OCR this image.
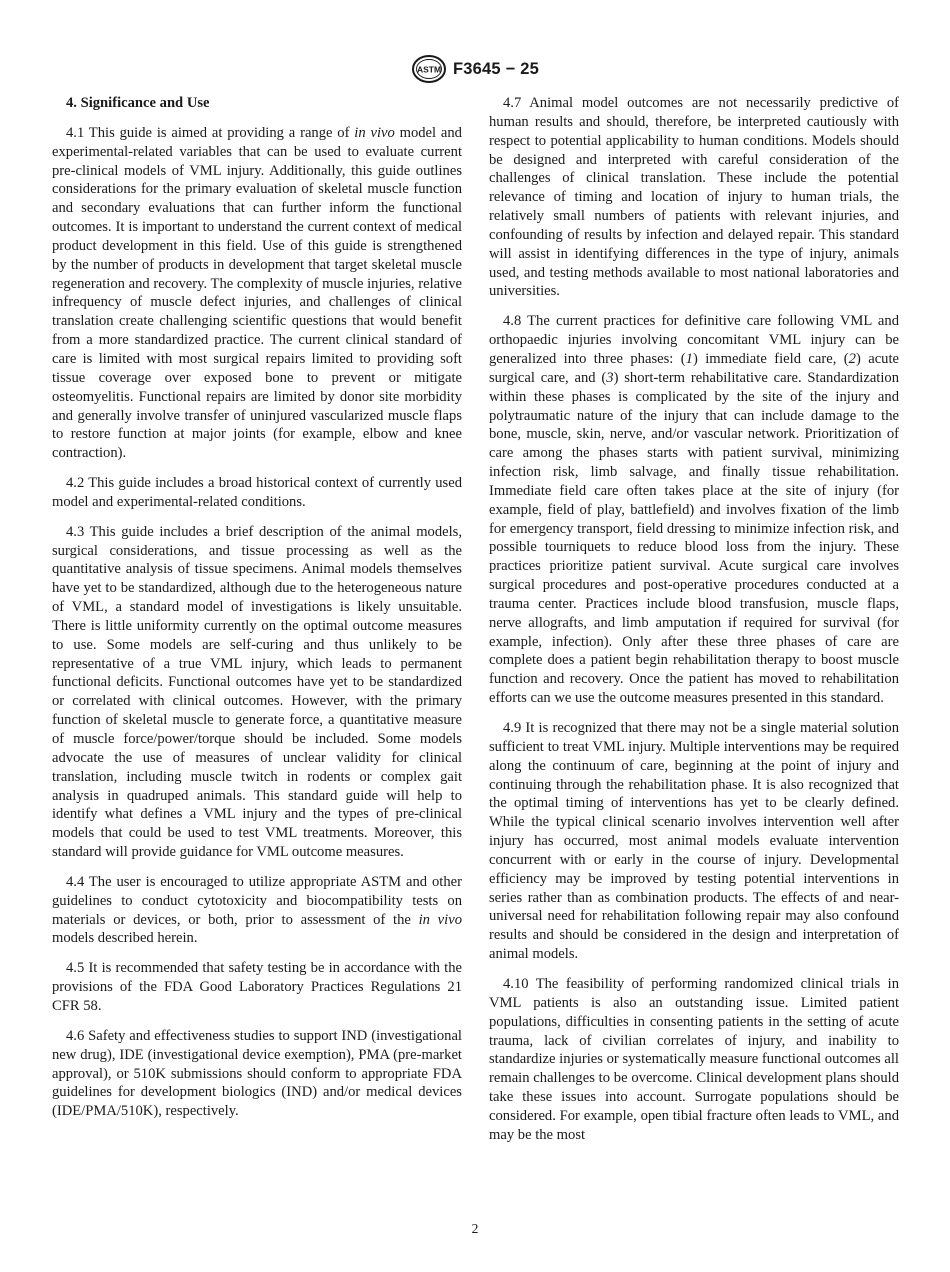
ASTM F3645 − 25

4. Significance and Use

4.1 This guide is aimed at providing a range of in vivo model and experimental-related variables that can be used to evaluate current pre-clinical models of VML injury. Additionally, this guide outlines considerations for the primary evaluation of skeletal muscle function and secondary evaluations that can further inform the functional outcomes. It is important to understand the current context of medical product development in this field. Use of this guide is strengthened by the number of products in development that target skeletal muscle regeneration and recovery. The complexity of muscle injuries, relative infrequency of muscle defect injuries, and challenges of clinical translation create challenging scientific questions that would benefit from a more standardized practice. The current clinical standard of care is limited with most surgical repairs limited to providing soft tissue coverage over exposed bone to prevent or mitigate osteomyelitis. Functional repairs are limited by donor site morbidity and generally involve transfer of uninjured vascularized muscle flaps to restore function at major joints (for example, elbow and knee contraction).

4.2 This guide includes a broad historical context of currently used model and experimental-related conditions.

4.3 This guide includes a brief description of the animal models, surgical considerations, and tissue processing as well as the quantitative analysis of tissue specimens. Animal models themselves have yet to be standardized, although due to the heterogeneous nature of VML, a standard model of investigations is likely unsuitable. There is little uniformity currently on the optimal outcome measures to use. Some models are self-curing and thus unlikely to be representative of a true VML injury, which leads to permanent functional deficits. Functional outcomes have yet to be standardized or correlated with clinical outcomes. However, with the primary function of skeletal muscle to generate force, a quantitative measure of muscle force/power/torque should be included. Some models advocate the use of measures of unclear validity for clinical translation, including muscle twitch in rodents or complex gait analysis in quadruped animals. This standard guide will help to identify what defines a VML injury and the types of pre-clinical models that could be used to test VML treatments. Moreover, this standard will provide guidance for VML outcome measures.

4.4 The user is encouraged to utilize appropriate ASTM and other guidelines to conduct cytotoxicity and biocompatibility tests on materials or devices, or both, prior to assessment of the in vivo models described herein.

4.5 It is recommended that safety testing be in accordance with the provisions of the FDA Good Laboratory Practices Regulations 21 CFR 58.

4.6 Safety and effectiveness studies to support IND (investigational new drug), IDE (investigational device exemption), PMA (pre-market approval), or 510K submissions should conform to appropriate FDA guidelines for development biologics (IND) and/or medical devices (IDE/PMA/510K), respectively.

4.7 Animal model outcomes are not necessarily predictive of human results and should, therefore, be interpreted cautiously with respect to potential applicability to human conditions. Models should be designed and interpreted with careful consideration of the challenges of clinical translation. These include the potential relevance of timing and location of injury to human trials, the relatively small numbers of patients with relevant injuries, and confounding of results by infection and delayed repair. This standard will assist in identifying differences in the type of injury, animals used, and testing methods available to most national laboratories and universities.

4.8 The current practices for definitive care following VML and orthopaedic injuries involving concomitant VML injury can be generalized into three phases: (1) immediate field care, (2) acute surgical care, and (3) short-term rehabilitative care. Standardization within these phases is complicated by the site of the injury and polytraumatic nature of the injury that can include damage to the bone, muscle, skin, nerve, and/or vascular network. Prioritization of care among the phases starts with patient survival, minimizing infection risk, limb salvage, and finally tissue rehabilitation. Immediate field care often takes place at the site of injury (for example, field of play, battlefield) and involves fixation of the limb for emergency transport, field dressing to minimize infection risk, and possible tourniquets to reduce blood loss from the injury. These practices prioritize patient survival. Acute surgical care involves surgical procedures and post-operative procedures conducted at a trauma center. Practices include blood transfusion, muscle flaps, nerve allografts, and limb amputation if required for survival (for example, infection). Only after these three phases of care are complete does a patient begin rehabilitation therapy to boost muscle function and recovery. Once the patient has moved to rehabilitation efforts can we use the outcome measures presented in this standard.

4.9 It is recognized that there may not be a single material solution sufficient to treat VML injury. Multiple interventions may be required along the continuum of care, beginning at the point of injury and continuing through the rehabilitation phase. It is also recognized that the optimal timing of interventions has yet to be clearly defined. While the typical clinical scenario involves intervention well after injury has occurred, most animal models evaluate intervention concurrent with or early in the course of injury. Developmental efficiency may be improved by testing potential interventions in series rather than as combination products. The effects of and near-universal need for rehabilitation following repair may also confound results and should be considered in the design and interpretation of animal models.

4.10 The feasibility of performing randomized clinical trials in VML patients is also an outstanding issue. Limited patient populations, difficulties in consenting patients in the setting of acute trauma, lack of civilian correlates of injury, and inability to standardize injuries or systematically measure functional outcomes all remain challenges to be overcome. Clinical development plans should take these issues into account. Surrogate populations should be considered. For example, open tibial fracture often leads to VML, and may be the most

2
